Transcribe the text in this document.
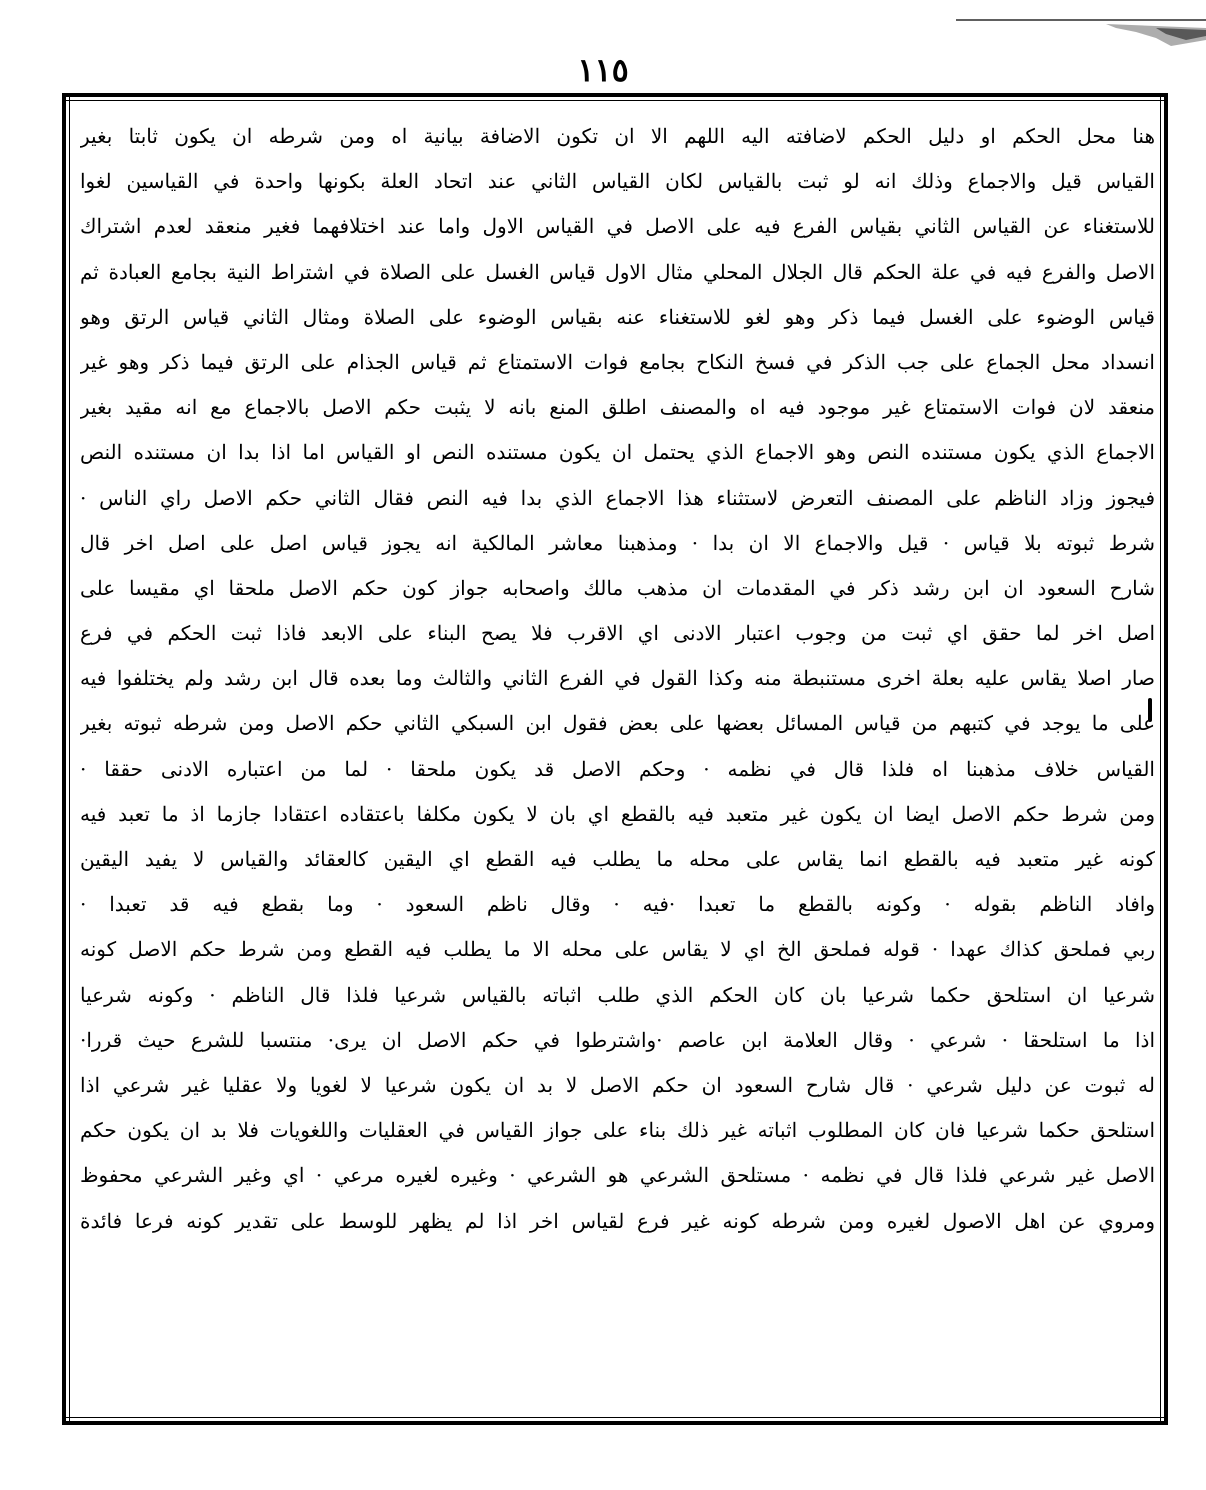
١١٥
هنا محل الحكم او دليل الحكم لاضافته اليه اللهم الا ان تكون الاضافة بيانية اه ومن شرطه ان يكون ثابتا بغير
القياس قيل والاجماع وذلك انه لو ثبت بالقياس لكان القياس الثاني عند اتحاد العلة بكونها واحدة في القياسين لغوا
للاستغناء عن القياس الثاني بقياس الفرع فيه على الاصل في القياس الاول واما عند اختلافهما فغير منعقد لعدم اشتراك
الاصل والفرع فيه في علة الحكم قال الجلال المحلي مثال الاول قياس الغسل على الصلاة في اشتراط النية بجامع العبادة ثم
قياس الوضوء على الغسل فيما ذكر وهو لغو للاستغناء عنه بقياس الوضوء على الصلاة ومثال الثاني قياس الرتق وهو
انسداد محل الجماع على جب الذكر في فسخ النكاح بجامع فوات الاستمتاع ثم قياس الجذام على الرتق فيما ذكر وهو غير
منعقد لان فوات الاستمتاع غير موجود فيه اه والمصنف اطلق المنع بانه لا يثبت حكم الاصل بالاجماع مع انه مقيد بغير
الاجماع الذي يكون مستنده النص وهو الاجماع الذي يحتمل ان يكون مستنده النص او القياس اما اذا بدا ان مستنده النص
فيجوز وزاد الناظم على المصنف التعرض لاستثناء هذا الاجماع الذي بدا فيه النص فقال الثاني حكم الاصل راي الناس ·
شرط ثبوته بلا قياس · قيل والاجماع الا ان بدا · ومذهبنا معاشر المالكية انه يجوز قياس اصل على اصل اخر قال
شارح السعود ان ابن رشد ذكر في المقدمات ان مذهب مالك واصحابه جواز كون حكم الاصل ملحقا اي مقيسا على
اصل اخر لما حقق اي ثبت من وجوب اعتبار الادنى اي الاقرب فلا يصح البناء على الابعد فاذا ثبت الحكم في فرع
صار اصلا يقاس عليه بعلة اخرى مستنبطة منه وكذا القول في الفرع الثاني والثالث وما بعده قال ابن رشد ولم يختلفوا فيه
على ما يوجد في كتبهم من قياس المسائل بعضها على بعض فقول ابن السبكي الثاني حكم الاصل ومن شرطه ثبوته بغير
القياس خلاف مذهبنا اه فلذا قال في نظمه · وحكم الاصل قد يكون ملحقا · لما من اعتباره الادنى حققا ·
ومن شرط حكم الاصل ايضا ان يكون غير متعبد فيه بالقطع اي بان لا يكون مكلفا باعتقاده اعتقادا جازما اذ ما تعبد فيه
كونه غير متعبد فيه بالقطع انما يقاس على محله ما يطلب فيه القطع اي اليقين كالعقائد والقياس لا يفيد اليقين
وافاد الناظم بقوله · وكونه بالقطع ما تعبدا ·فيه · وقال ناظم السعود · وما بقطع فيه قد تعبدا ·
ربي فملحق كذاك عهدا · قوله فملحق الخ اي لا يقاس على محله الا ما يطلب فيه القطع ومن شرط حكم الاصل كونه
شرعيا ان استلحق حكما شرعيا بان كان الحكم الذي طلب اثباته بالقياس شرعيا فلذا قال الناظم · وكونه شرعيا
اذا ما استلحقا · شرعي · وقال العلامة ابن عاصم ·واشترطوا في حكم الاصل ان يرى· منتسبا للشرع حيث قررا·
له ثبوت عن دليل شرعي · قال شارح السعود ان حكم الاصل لا بد ان يكون شرعيا لا لغويا ولا عقليا غير شرعي اذا
استلحق حكما شرعيا فان كان المطلوب اثباته غير ذلك بناء على جواز القياس في العقليات واللغويات فلا بد ان يكون حكم
الاصل غير شرعي فلذا قال في نظمه · مستلحق الشرعي هو الشرعي · وغيره لغيره مرعي · اي وغير الشرعي محفوظ
ومروي عن اهل الاصول لغيره ومن شرطه كونه غير فرع لقياس اخر اذا لم يظهر للوسط على تقدير كونه فرعا فائدة
